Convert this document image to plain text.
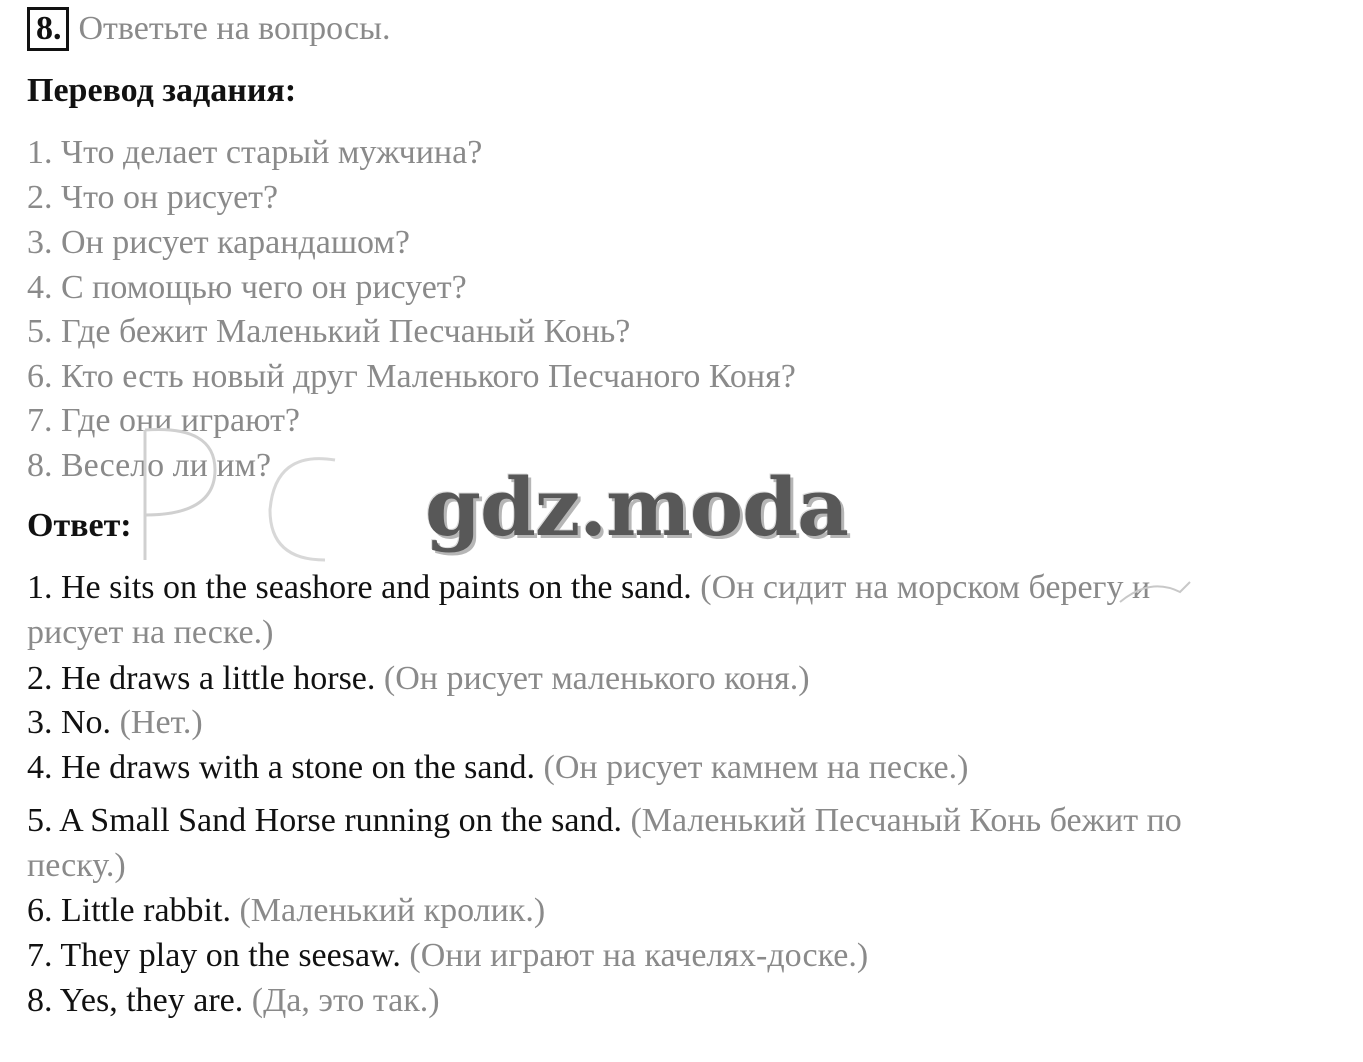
8. Ответьте на вопросы.
Перевод задания:
1. Что делает старый мужчина?
2. Что он рисует?
3. Он рисует карандашом?
4. С помощью чего он рисует?
5. Где бежит Маленький Песчаный Конь?
6. Кто есть новый друг Маленького Песчаного Коня?
7. Где они играют?
8. Весело ли им?
Ответ:
1. He sits on the seashore and paints on the sand. (Он сидит на морском берегу и рисует на песке.)
2. He draws a little horse. (Он рисует маленького коня.)
3. No. (Нет.)
4. He draws with a stone on the sand. (Он рисует камнем на песке.)
5. A Small Sand Horse running on the sand. (Маленький Песчаный Конь бежит по песку.)
6. Little rabbit. (Маленький кролик.)
7. They play on the seesaw. (Они играют на качелях-доске.)
8. Yes, they are. (Да, это так.)
gdz.moda
